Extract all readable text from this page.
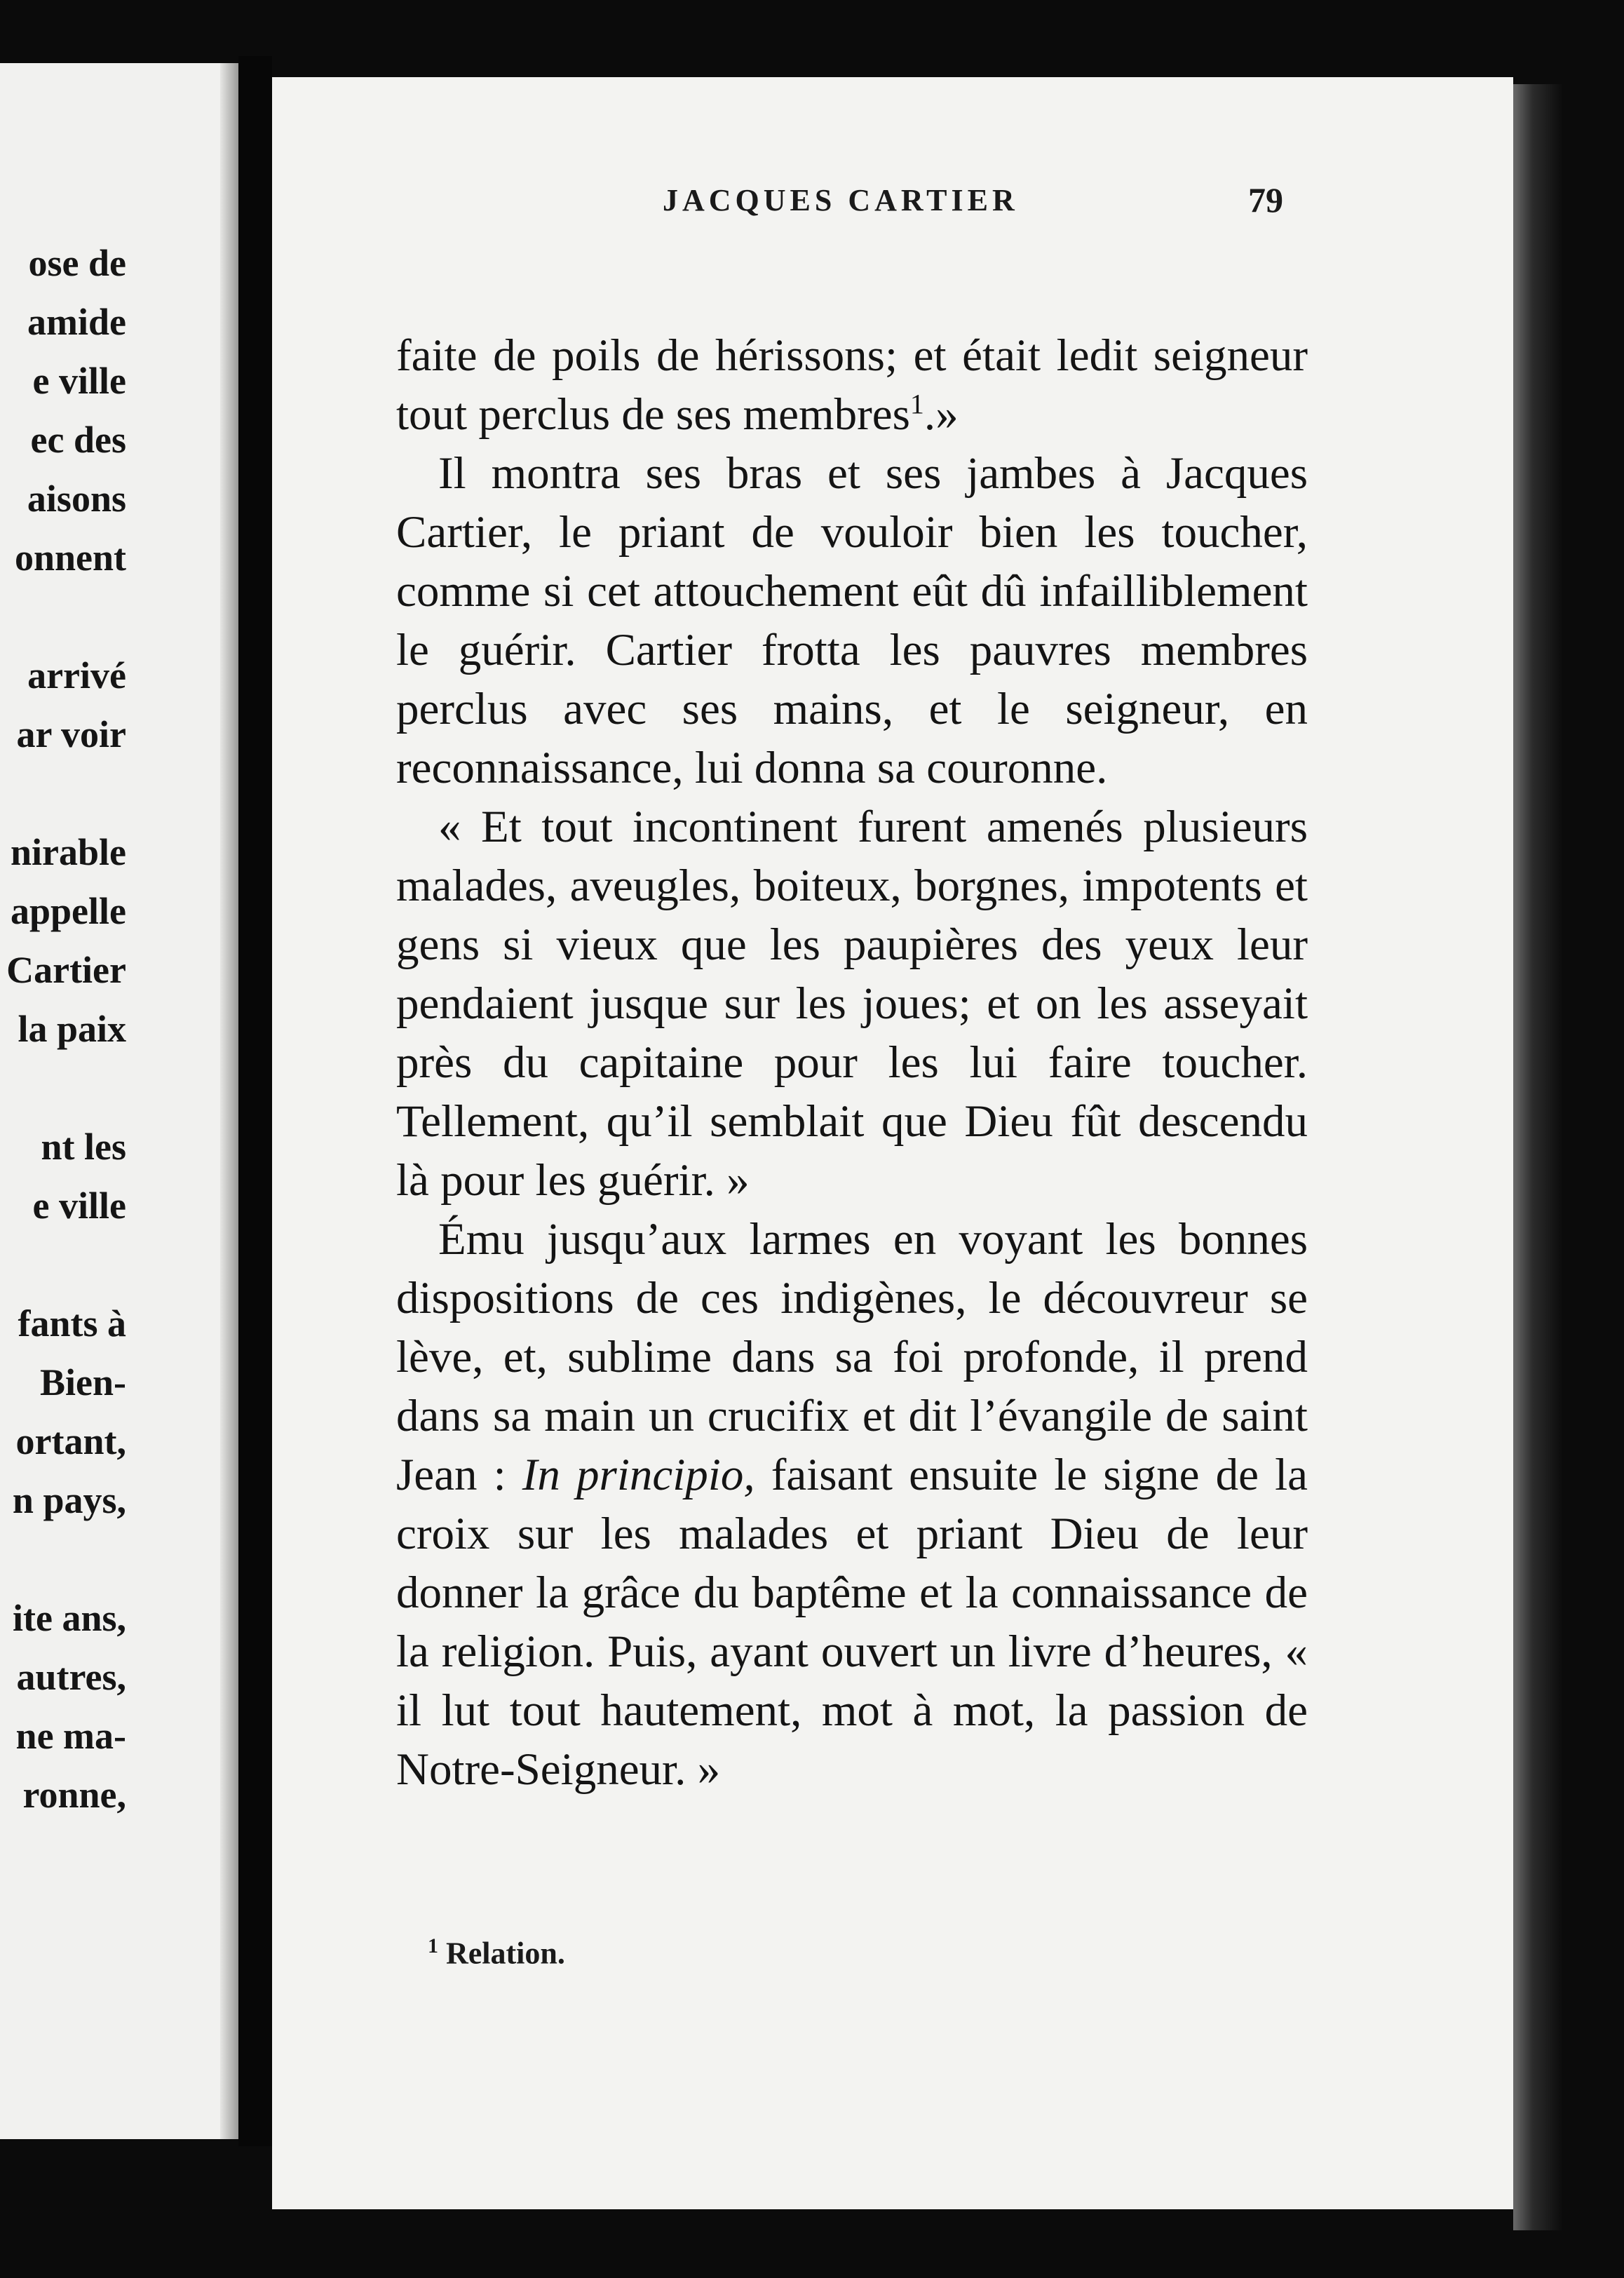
ose de
amide
e ville
ec des
aisons
onnent
arrivé
ar voir
nirable
appelle
Cartier
la paix
nt les
e ville
fants à
Bien-
ortant,
n pays,
ite ans,
autres,
ne ma-
ronne,
JACQUES CARTIER	79

faite de poils de hérissons; et était ledit seigneur tout perclus de ses membres$^1$.»

Il montra ses bras et ses jambes à Jacques Cartier, le priant de vouloir bien les toucher, comme si cet attouchement eût dû infailliblement le guérir. Cartier frotta les pauvres membres perclus avec ses mains, et le seigneur, en reconnaissance, lui donna sa couronne.

« Et tout incontinent furent amenés plusieurs malades, aveugles, boiteux, borgnes, impotents et gens si vieux que les paupières des yeux leur pendaient jusque sur les joues; et on les asseyait près du capitaine pour les lui faire toucher. Tellement, qu’il semblait que Dieu fût descendu là pour les guérir. »

Ému jusqu’aux larmes en voyant les bonnes dispositions de ces indigènes, le découvreur se lève, et, sublime dans sa foi profonde, il prend dans sa main un crucifix et dit l’évangile de saint Jean : In principio, faisant ensuite le signe de la croix sur les malades et priant Dieu de leur donner la grâce du baptême et la connaissance de la religion. Puis, ayant ouvert un livre d’heures, « il lut tout hautement, mot à mot, la passion de Notre-Seigneur. »

$^1$ Relation.
